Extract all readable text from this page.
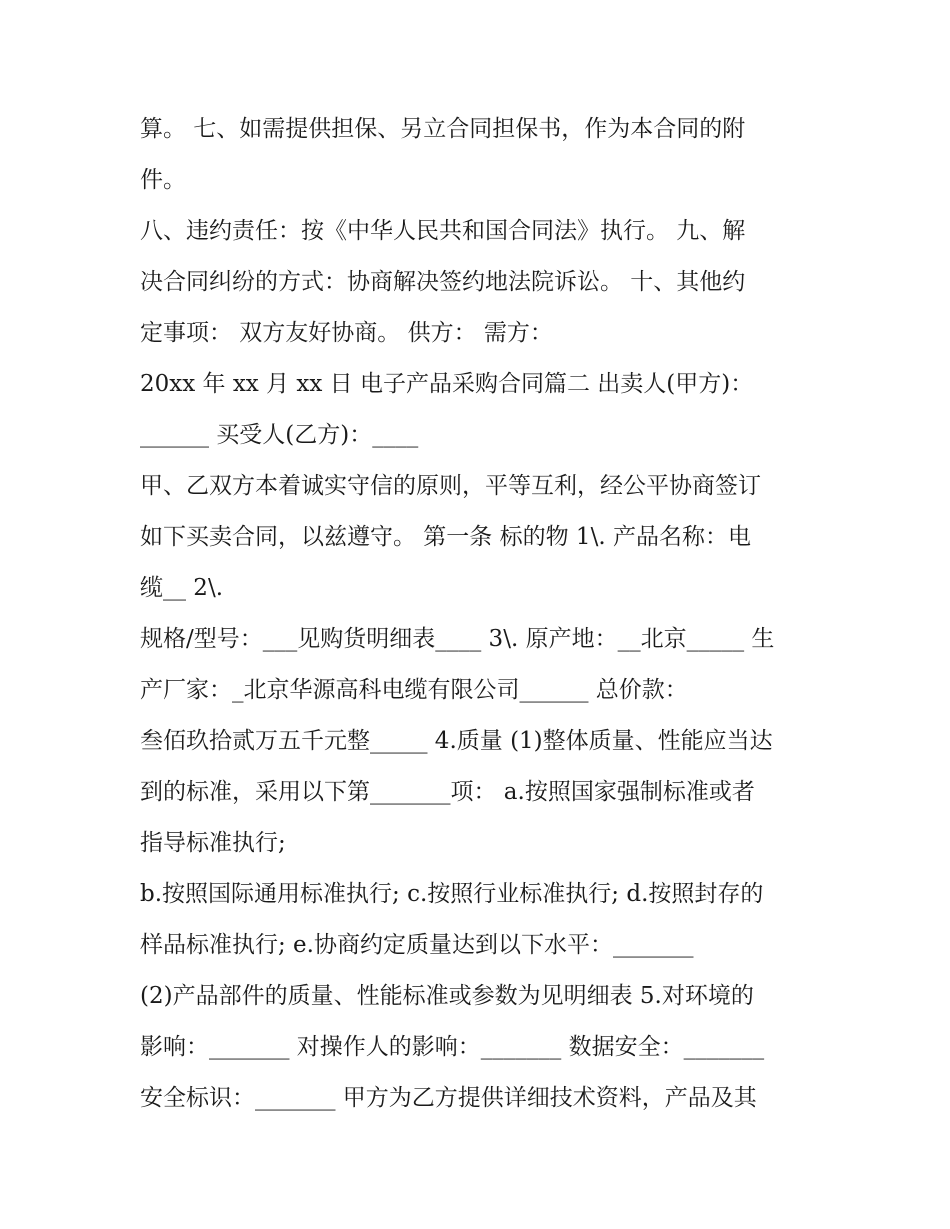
算。 七、如需提供担保、另立合同担保书，作为本合同的附
件。
八、违约责任：按《中华人民共和国合同法》执行。 九、解
决合同纠纷的方式：协商解决签约地法院诉讼。 十、其他约
定事项： 双方友好协商。 供方： 需方：
20xx 年 xx 月 xx 日 电子产品采购合同篇二 出卖人(甲方)：
______ 买受人(乙方)：____
甲、乙双方本着诚实守信的原则，平等互利，经公平协商签订
如下买卖合同，以兹遵守。 第一条 标的物 1\. 产品名称：电
缆__ 2\.
规格/型号：___见购货明细表____ 3\. 原产地：__北京_____ 生
产厂家：_北京华源高科电缆有限公司______ 总价款：
叁佰玖拾贰万五千元整_____ 4.质量 (1)整体质量、性能应当达
到的标准，采用以下第_______项： a.按照国家强制标准或者
指导标准执行;
b.按照国际通用标准执行; c.按照行业标准执行; d.按照封存的
样品标准执行; e.协商约定质量达到以下水平：_______
(2)产品部件的质量、性能标准或参数为见明细表 5.对环境的
影响：_______ 对操作人的影响：_______ 数据安全：_______
安全标识：_______ 甲方为乙方提供详细技术资料，产品及其
